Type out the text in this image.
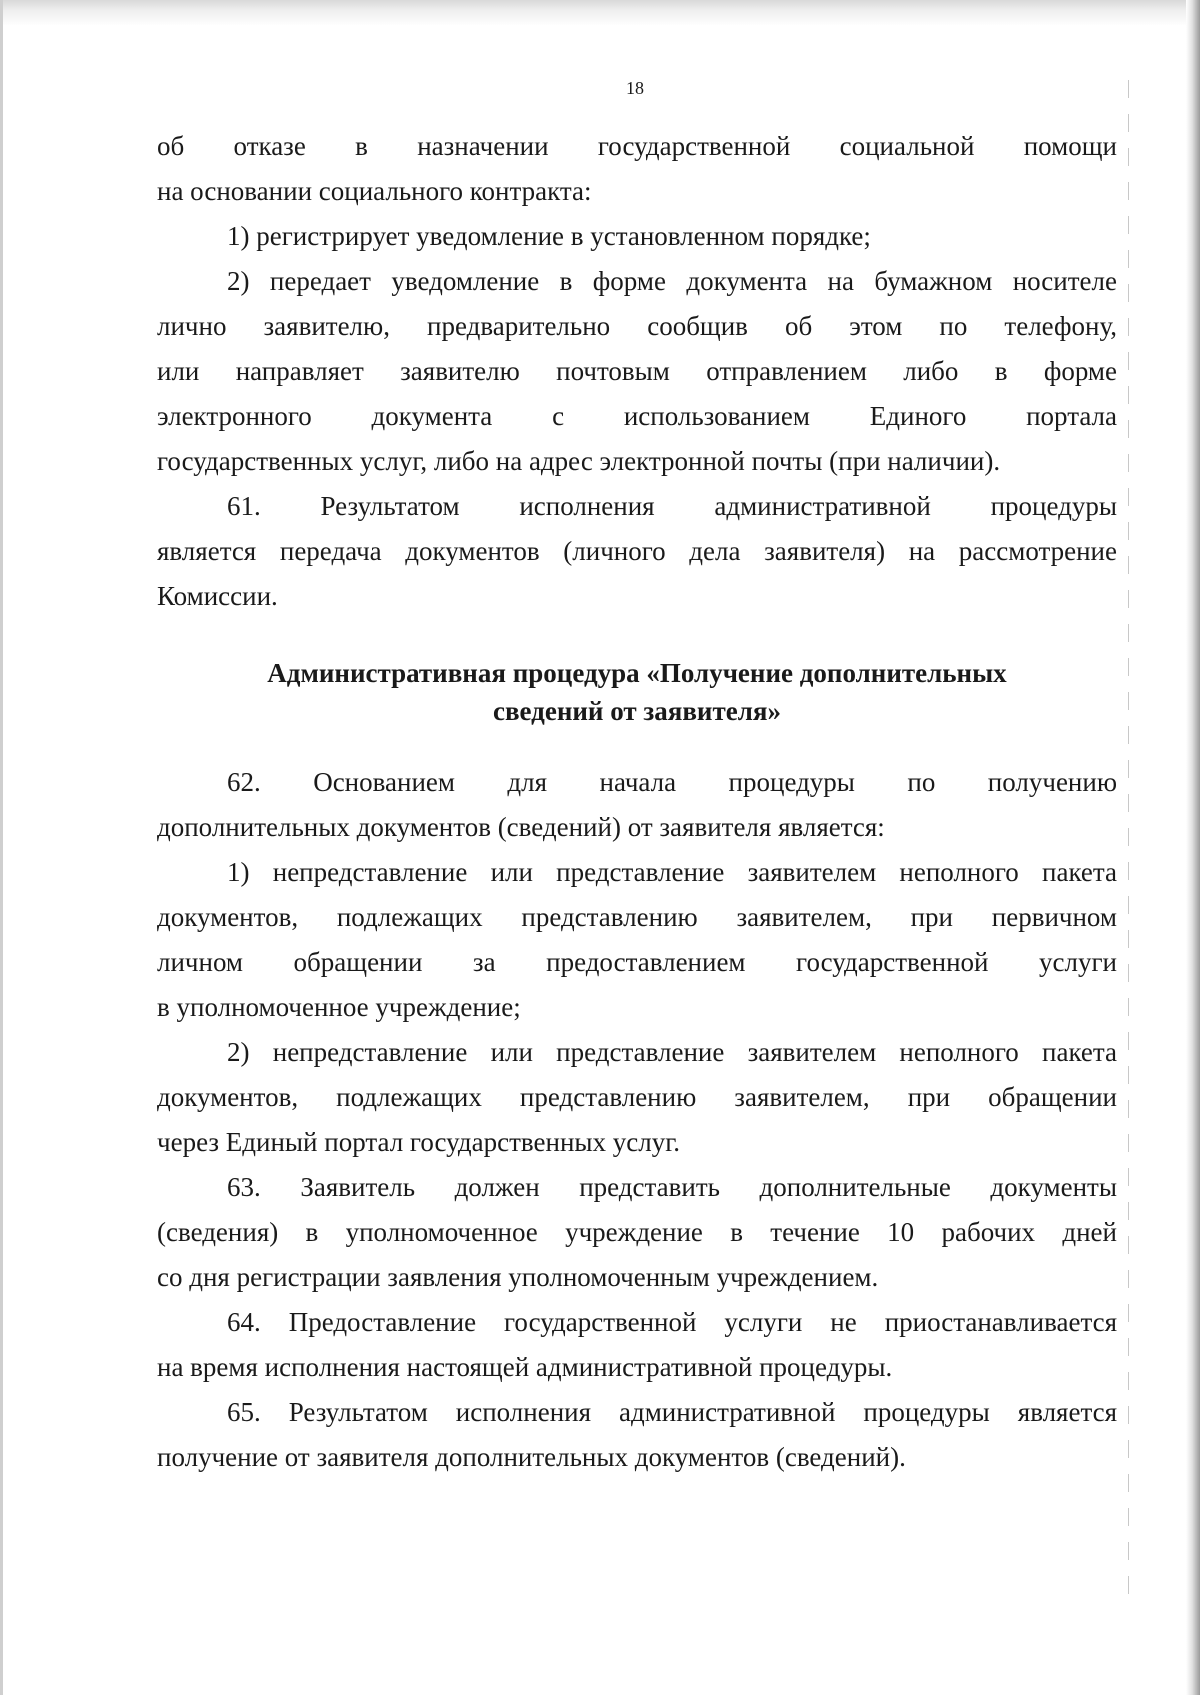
18
об отказе в назначении государственной социальной помощи
на основании социального контракта:
1) регистрирует уведомление в установленном порядке;
2) передает уведомление в форме документа на бумажном носителе
лично заявителю, предварительно сообщив об этом по телефону,
или направляет заявителю почтовым отправлением либо в форме
электронного документа с использованием Единого портала
государственных услуг, либо на адрес электронной почты (при наличии).
61. Результатом исполнения административной процедуры
является передача документов (личного дела заявителя) на рассмотрение
Комиссии.
Административная процедура «Получение дополнительных
сведений от заявителя»
62. Основанием для начала процедуры по получению
дополнительных документов (сведений) от заявителя является:
1) непредставление или представление заявителем неполного пакета
документов, подлежащих представлению заявителем, при первичном
личном обращении за предоставлением государственной услуги
в уполномоченное учреждение;
2) непредставление или представление заявителем неполного пакета
документов, подлежащих представлению заявителем, при обращении
через Единый портал государственных услуг.
63. Заявитель должен представить дополнительные документы
(сведения) в уполномоченное учреждение в течение 10 рабочих дней
со дня регистрации заявления уполномоченным учреждением.
64. Предоставление государственной услуги не приостанавливается
на время исполнения настоящей административной процедуры.
65. Результатом исполнения административной процедуры является
получение от заявителя дополнительных документов (сведений).
